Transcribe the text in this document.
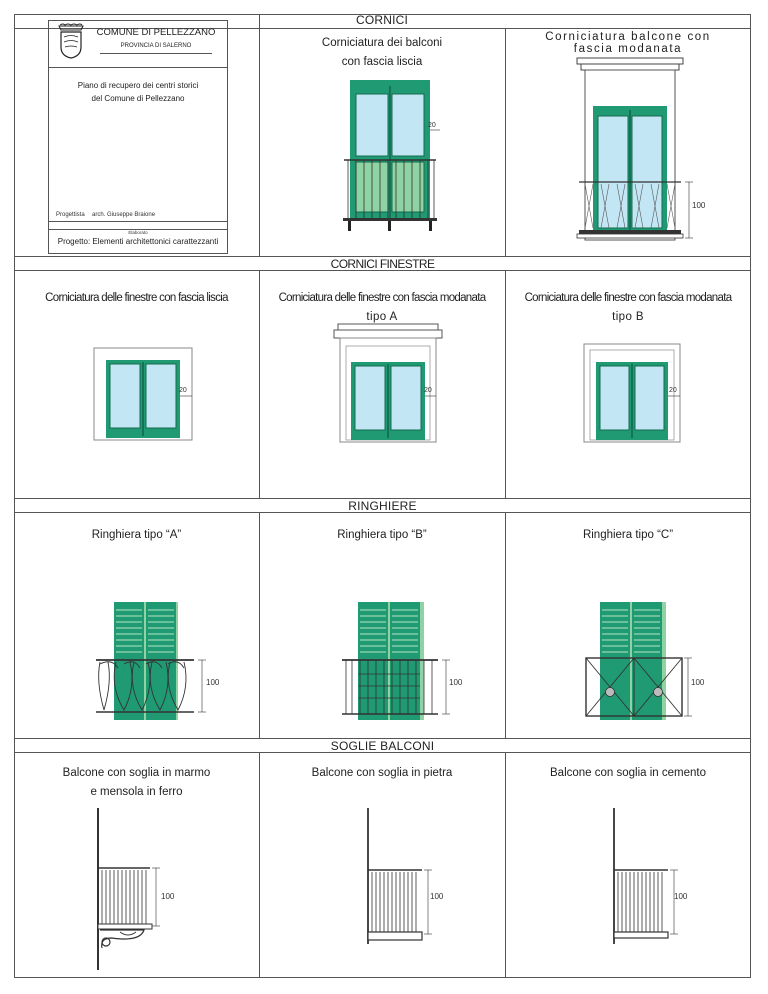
CORNICI
CORNICI FINESTRE
RINGHIERE
SOGLIE BALCONI
COMUNE DI PELLEZZANO
PROVINCIA DI SALERNO
Piano di recupero dei centri storici
del Comune di Pellezzano
Progettista arch. Giuseppe Braione
Elaborato
Progetto: Elementi architettonici carattezzanti
Corniciatura dei balconi
con fascia liscia
Corniciatura balcone con
fascia modanata
20
100
Corniciatura delle finestre con fascia liscia	Corniciatura delle finestre con fascia modanata
tipo A
Corniciatura delle finestre con fascia modanata
tipo B
20	20	20
Ringhiera tipo “A”	Ringhiera tipo “B”	Ringhiera tipo “C”
100	100	100
Balcone con soglia in marmo
e mensola in ferro
Balcone con soglia in pietra	Balcone con soglia in cemento
100	100	100
